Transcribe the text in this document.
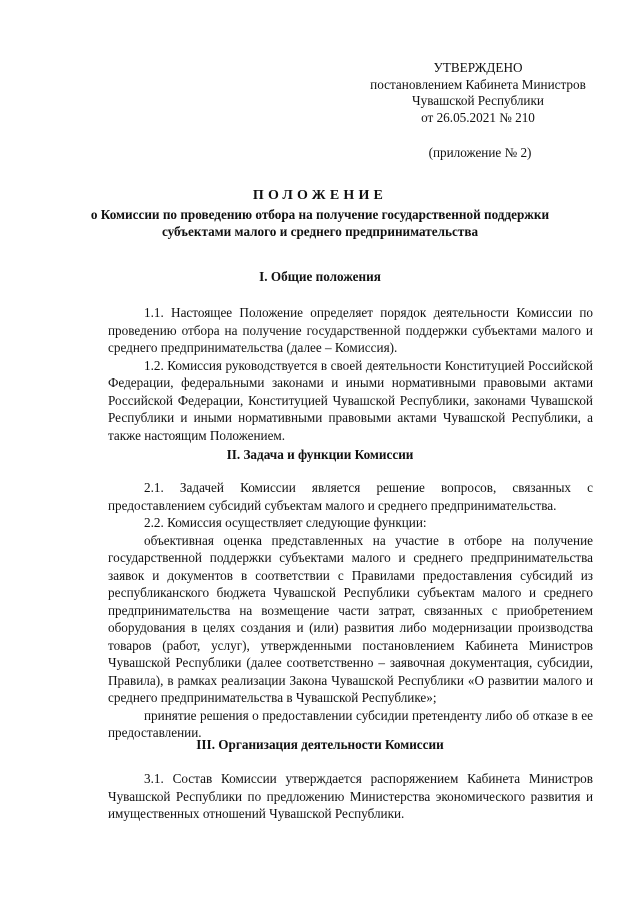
УТВЕРЖДЕНО
постановлением Кабинета Министров
Чувашской Республики
от 26.05.2021 № 210
(приложение № 2)
ПОЛОЖЕНИЕ
о Комиссии по проведению отбора на получение государственной поддержки субъектами малого и среднего предпринимательства
I. Общие положения

1.1. Настоящее Положение определяет порядок деятельности Комиссии по проведению отбора на получение государственной поддержки субъектами малого и среднего предпринимательства (далее – Комиссия).

1.2. Комиссия руководствуется в своей деятельности Конституцией Российской Федерации, федеральными законами и иными нормативными правовыми актами Российской Федерации, Конституцией Чувашской Республики, законами Чувашской Республики и иными нормативными правовыми актами Чувашской Республики, а также настоящим Положением.

II. Задача и функции Комиссии

2.1. Задачей Комиссии является решение вопросов, связанных с предоставлением субсидий субъектам малого и среднего предпринимательства.

2.2. Комиссия осуществляет следующие функции:

объективная оценка представленных на участие в отборе на получение государственной поддержки субъектами малого и среднего предпринимательства заявок и документов в соответствии с Правилами предоставления субсидий из республиканского бюджета Чувашской Республики субъектам малого и среднего предпринимательства на возмещение части затрат, связанных с приобретением оборудования в целях создания и (или) развития либо модернизации производства товаров (работ, услуг), утвержденными постановлением Кабинета Министров Чувашской Республики (далее соответственно – заявочная документация, субсидии, Правила), в рамках реализации Закона Чувашской Республики «О развитии малого и среднего предпринимательства в Чувашской Республике»;

принятие решения о предоставлении субсидии претенденту либо об отказе в ее предоставлении.

III. Организация деятельности Комиссии

3.1. Состав Комиссии утверждается распоряжением Кабинета Министров Чувашской Республики по предложению Министерства экономического развития и имущественных отношений Чувашской Республики.
